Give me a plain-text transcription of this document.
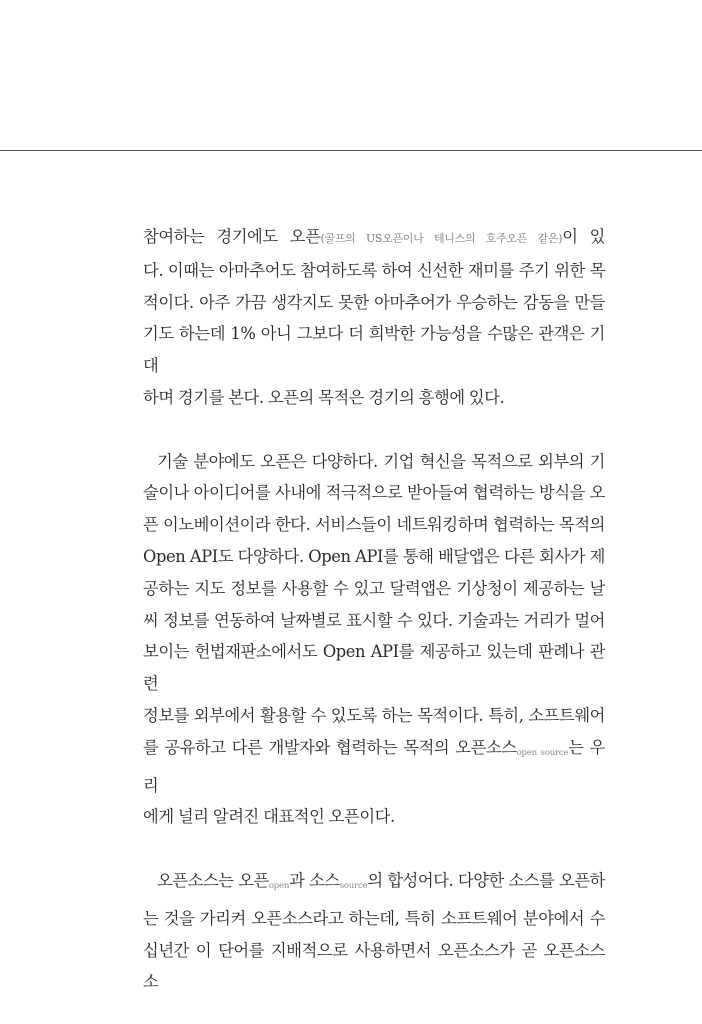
참여하는 경기에도 오픈(골프의 US오픈이나 테니스의 호주오픈 같은)이 있
다. 이때는 아마추어도 참여하도록 하여 신선한 재미를 주기 위한 목
적이다. 아주 가끔 생각지도 못한 아마추어가 우승하는 감동을 만들
기도 하는데 1% 아니 그보다 더 희박한 가능성을 수많은 관객은 기대
하며 경기를 본다. 오픈의 목적은 경기의 흥행에 있다.
기술 분야에도 오픈은 다양하다. 기업 혁신을 목적으로 외부의 기
술이나 아이디어를 사내에 적극적으로 받아들여 협력하는 방식을 오
픈 이노베이션이라 한다. 서비스들이 네트워킹하며 협력하는 목적의
Open API도 다양하다. Open API를 통해 배달앱은 다른 회사가 제
공하는 지도 정보를 사용할 수 있고 달력앱은 기상청이 제공하는 날
씨 정보를 연동하여 날짜별로 표시할 수 있다. 기술과는 거리가 멀어
보이는 헌법재판소에서도 Open API를 제공하고 있는데 판례나 관련
정보를 외부에서 활용할 수 있도록 하는 목적이다. 특히, 소프트웨어
를 공유하고 다른 개발자와 협력하는 목적의 오픈소스open source는 우리
에게 널리 알려진 대표적인 오픈이다.
오픈소스는 오픈open과 소스source의 합성어다. 다양한 소스를 오픈하
는 것을 가리켜 오픈소스라고 하는데, 특히 소프트웨어 분야에서 수
십년간 이 단어를 지배적으로 사용하면서 오픈소스가 곧 오픈소스 소
